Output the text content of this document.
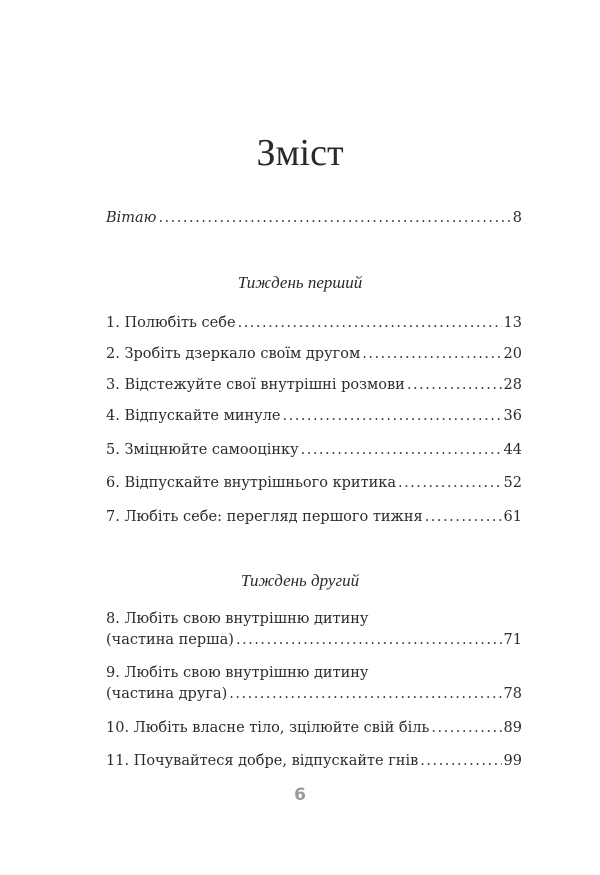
Зміст
Вітаю .....	8
Тиждень перший
1. Полюбіть себе .....	13
2. Зробіть дзеркало своїм другом .....	20
3. Відстежуйте свої внутрішні розмови .....	28
4. Відпускайте минуле .....	36
5. Зміцнюйте самооцінку .....	44
6. Відпускайте внутрішнього критика .....	52
7. Любіть себе: перегляд першого тижня .....	61
Тиждень другий
8. Любіть свою внутрішню дитину
(частина перша) .....	71
9. Любіть свою внутрішню дитину
(частина друга) .....	78
10. Любіть власне тіло, зцілюйте свій біль .....	89
11. Почувайтеся добре, відпускайте гнів .....	99
6
